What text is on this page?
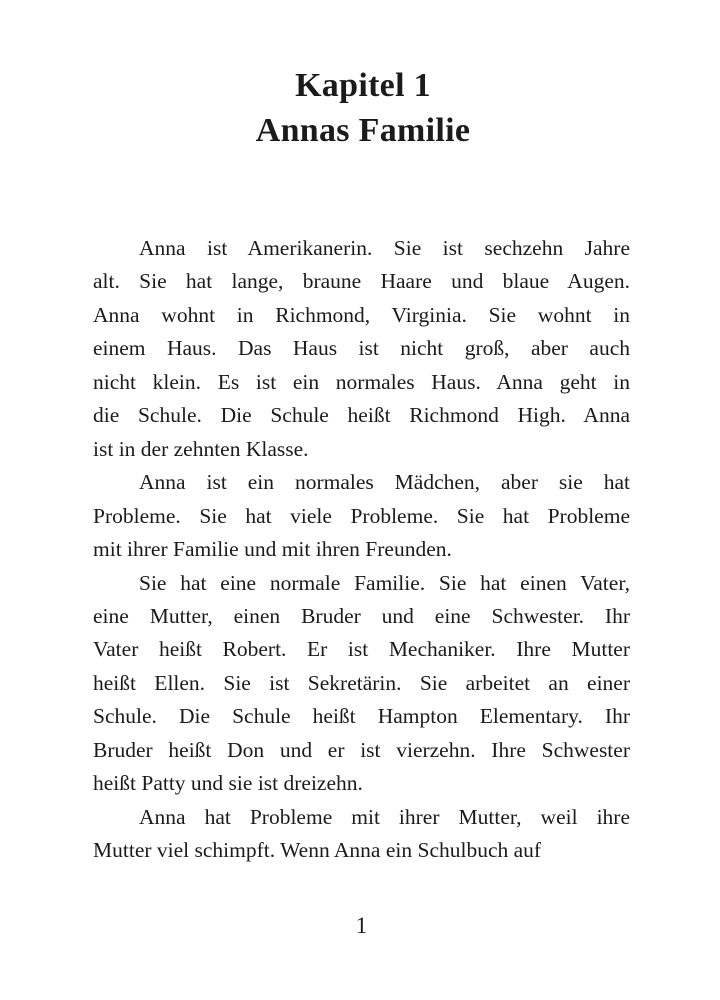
Kapitel 1
Annas Familie
Anna ist Amerikanerin. Sie ist sechzehn Jahre
alt. Sie hat lange, braune Haare und blaue Augen.
Anna wohnt in Richmond, Virginia. Sie wohnt in
einem Haus. Das Haus ist nicht groß, aber auch
nicht klein. Es ist ein normales Haus. Anna geht in
die Schule. Die Schule heißt Richmond High. Anna
ist in der zehnten Klasse.
Anna ist ein normales Mädchen, aber sie hat
Probleme. Sie hat viele Probleme. Sie hat Probleme
mit ihrer Familie und mit ihren Freunden.
Sie hat eine normale Familie. Sie hat einen Vater,
eine Mutter, einen Bruder und eine Schwester. Ihr
Vater heißt Robert. Er ist Mechaniker. Ihre Mutter
heißt Ellen. Sie ist Sekretärin. Sie arbeitet an einer
Schule. Die Schule heißt Hampton Elementary. Ihr
Bruder heißt Don und er ist vierzehn. Ihre Schwester
heißt Patty und sie ist dreizehn.
Anna hat Probleme mit ihrer Mutter, weil ihre
Mutter viel schimpft. Wenn Anna ein Schulbuch auf
1
